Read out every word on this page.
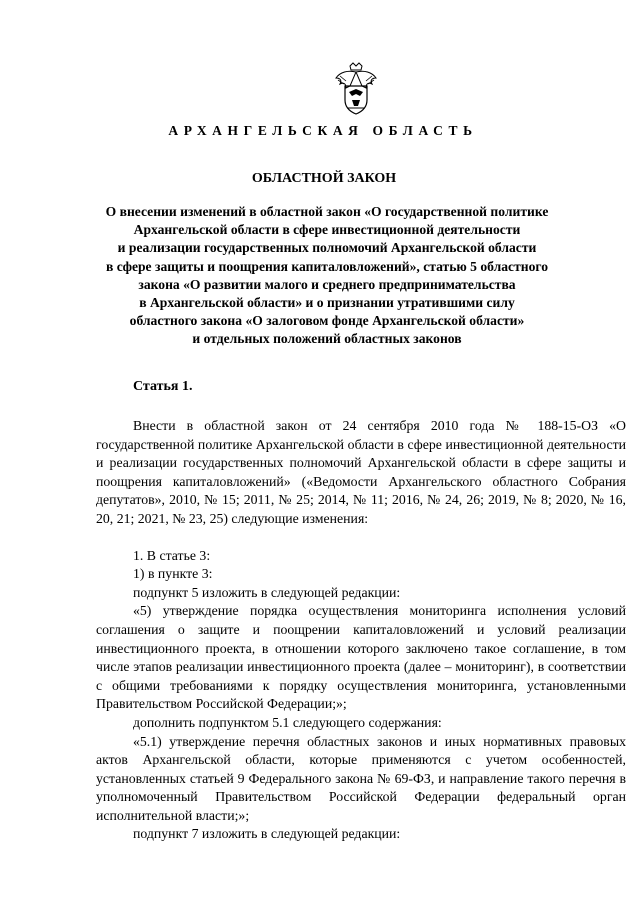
АРХАНГЕЛЬСКАЯ ОБЛАСТЬ
ОБЛАСТНОЙ ЗАКОН
О внесении изменений в областной закон «О государственной политике
Архангельской области в сфере инвестиционной деятельности
и реализации государственных полномочий Архангельской области
в сфере защиты и поощрения капиталовложений», статью 5 областного
закона «О развитии малого и среднего предпринимательства
в Архангельской области» и о признании утратившими силу
областного закона «О залоговом фонде Архангельской области»
и отдельных положений областных законов
Статья 1.

Внести в областной закон от 24 сентября 2010 года № 188-15-ОЗ «О государственной политике Архангельской области в сфере инвестиционной деятельности и реализации государственных полномочий Архангельской области в сфере защиты и поощрения капиталовложений» («Ведомости Архангельского областного Собрания депутатов», 2010, № 15; 2011, № 25; 2014, № 11; 2016, № 24, 26; 2019, № 8; 2020, № 16, 20, 21; 2021, № 23, 25) следующие изменения:

1. В статье 3:

1) в пункте 3:

подпункт 5 изложить в следующей редакции:

«5) утверждение порядка осуществления мониторинга исполнения условий соглашения о защите и поощрении капиталовложений и условий реализации инвестиционного проекта, в отношении которого заключено такое соглашение, в том числе этапов реализации инвестиционного проекта (далее – мониторинг), в соответствии с общими требованиями к порядку осуществления мониторинга, установленными Правительством Российской Федерации;»;

дополнить подпунктом 5.1 следующего содержания:

«5.1) утверждение перечня областных законов и иных нормативных правовых актов Архангельской области, которые применяются с учетом особенностей, установленных статьей 9 Федерального закона № 69-ФЗ, и направление такого перечня в уполномоченный Правительством Российской Федерации федеральный орган исполнительной власти;»;

подпункт 7 изложить в следующей редакции:
